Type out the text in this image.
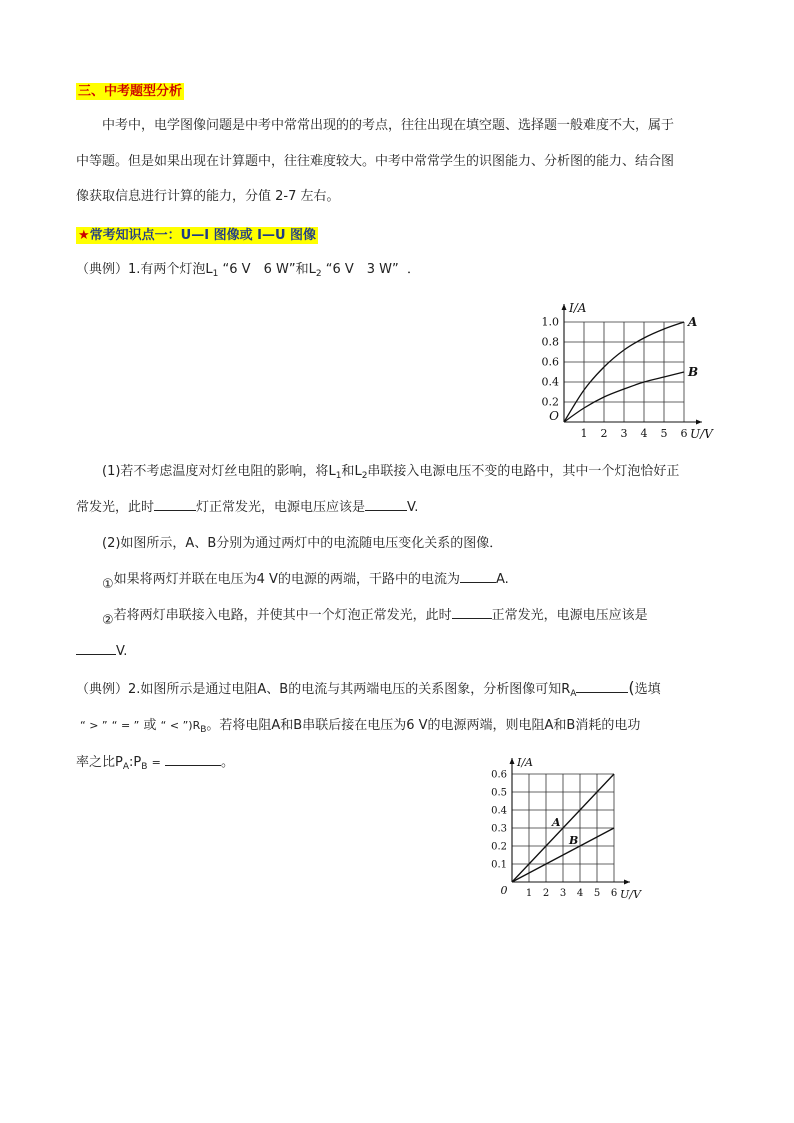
三、中考题型分析
中考中，电学图像问题是中考中常常出现的的考点，往往出现在填空题、选择题一般难度不大，属于
中等题。但是如果出现在计算题中，往往难度较大。中考中常常学生的识图能力、分析图的能力、结合图
像获取信息进行计算的能力，分值 2-7 左右。
★常考知识点一：U—I 图像或 I—U 图像
（典例）1.有两个灯泡$L_1$ “6 V　6 W”和$L_2$ “6 V　3 W” ．
1 2 3 4 5 6
0.2
0.4
0.6
0.8
1.0
O
U/V
I/A
A
B
(1)若不考虑温度对灯丝电阻的影响，将$L_1$和$L_2$串联接入电源电压不变的电路中，其中一个灯泡恰好正
常发光，此时	灯正常发光，电源电压应该是	V.
(2)如图所示，A、B分别为通过两灯中的电流随电压变化关系的图像．
①如果将两灯并联在电压为4 V的电源的两端，干路中的电流为	A.
②若将两灯串联接入电路，并使其中一个灯泡正常发光，此时	正常发光，电源电压应该是
V.
（典例）2.如图所示是通过电阻A、B的电流与其两端电压的关系图象，分析图像可知$R_A$	(选填
“ > ” “ = ” 或 “ < $”)R_B$。若将电阻A和B串联后接在电压为6 V的电源两端，则电阻A和B消耗的电功
率之比$P_A:P_B$ =	。
1 2 3 4 5 6
0.1
0.2
0.3
0.4
0.5
0.6
0	U/V
I/A
A
B
